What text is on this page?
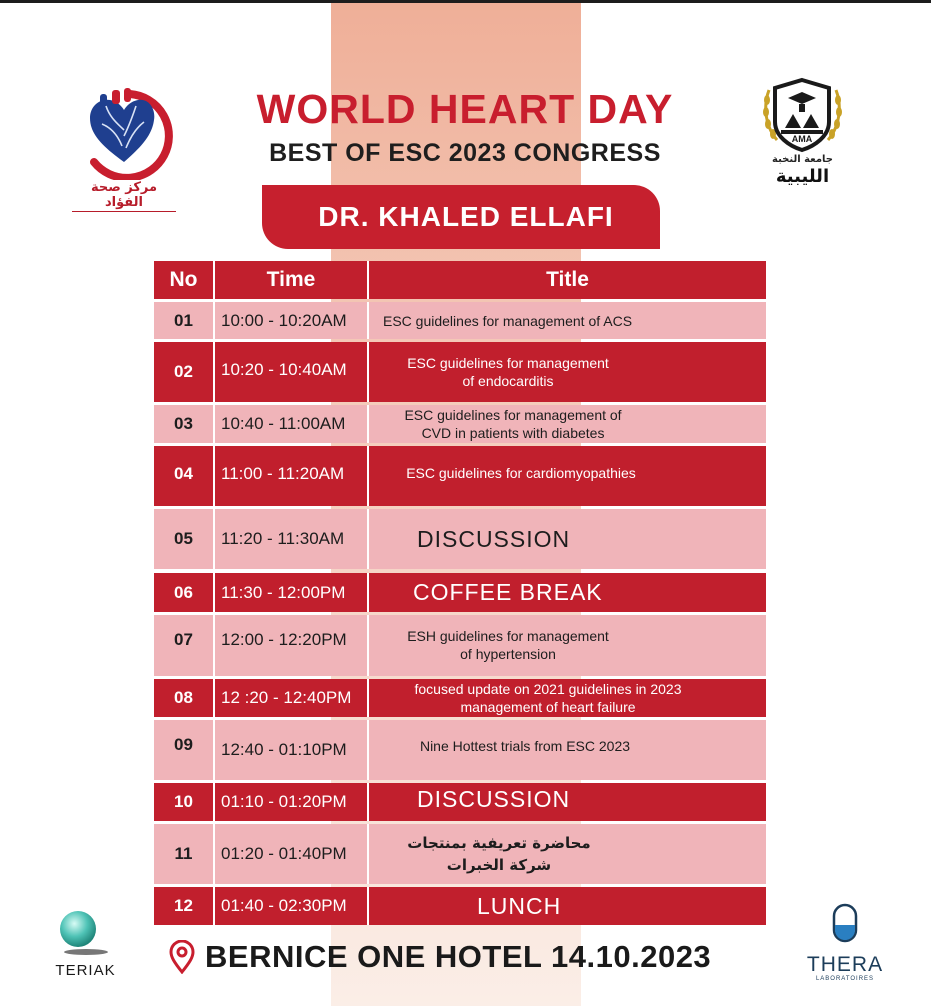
مركز صحة الفؤاد
AMA
جامعة النخبة
الليبية
WORLD HEART DAY
BEST OF ESC 2023 CONGRESS
DR. KHALED ELLAFI
No	Time	Title
01	10:00 - 10:20AM	ESC guidelines for management of ACS
02	10:20 - 10:40AM	ESC guidelines for management
of endocarditis
03	10:40 - 11:00AM	ESC guidelines for management of
CVD in patients with diabetes
04	11:00 - 11:20AM	ESC guidelines for cardiomyopathies
05	11:20 - 11:30AM	DISCUSSION
06	11:30 - 12:00PM	COFFEE BREAK
07	12:00 - 12:20PM	ESH guidelines for management
of hypertension
08	12 :20 - 12:40PM	focused update on 2021 guidelines in 2023
management of heart failure
09	12:40 - 01:10PM	Nine Hottest trials from ESC 2023
10	01:10 - 01:20PM	DISCUSSION
11	01:20 - 01:40PM
محاضرة تعريفية بمنتجات
شركة الخبرات
12	01:40 - 02:30PM	LUNCH
BERNICE ONE HOTEL 14.10.2023
TERIAK	THERA
LABORATOIRES
